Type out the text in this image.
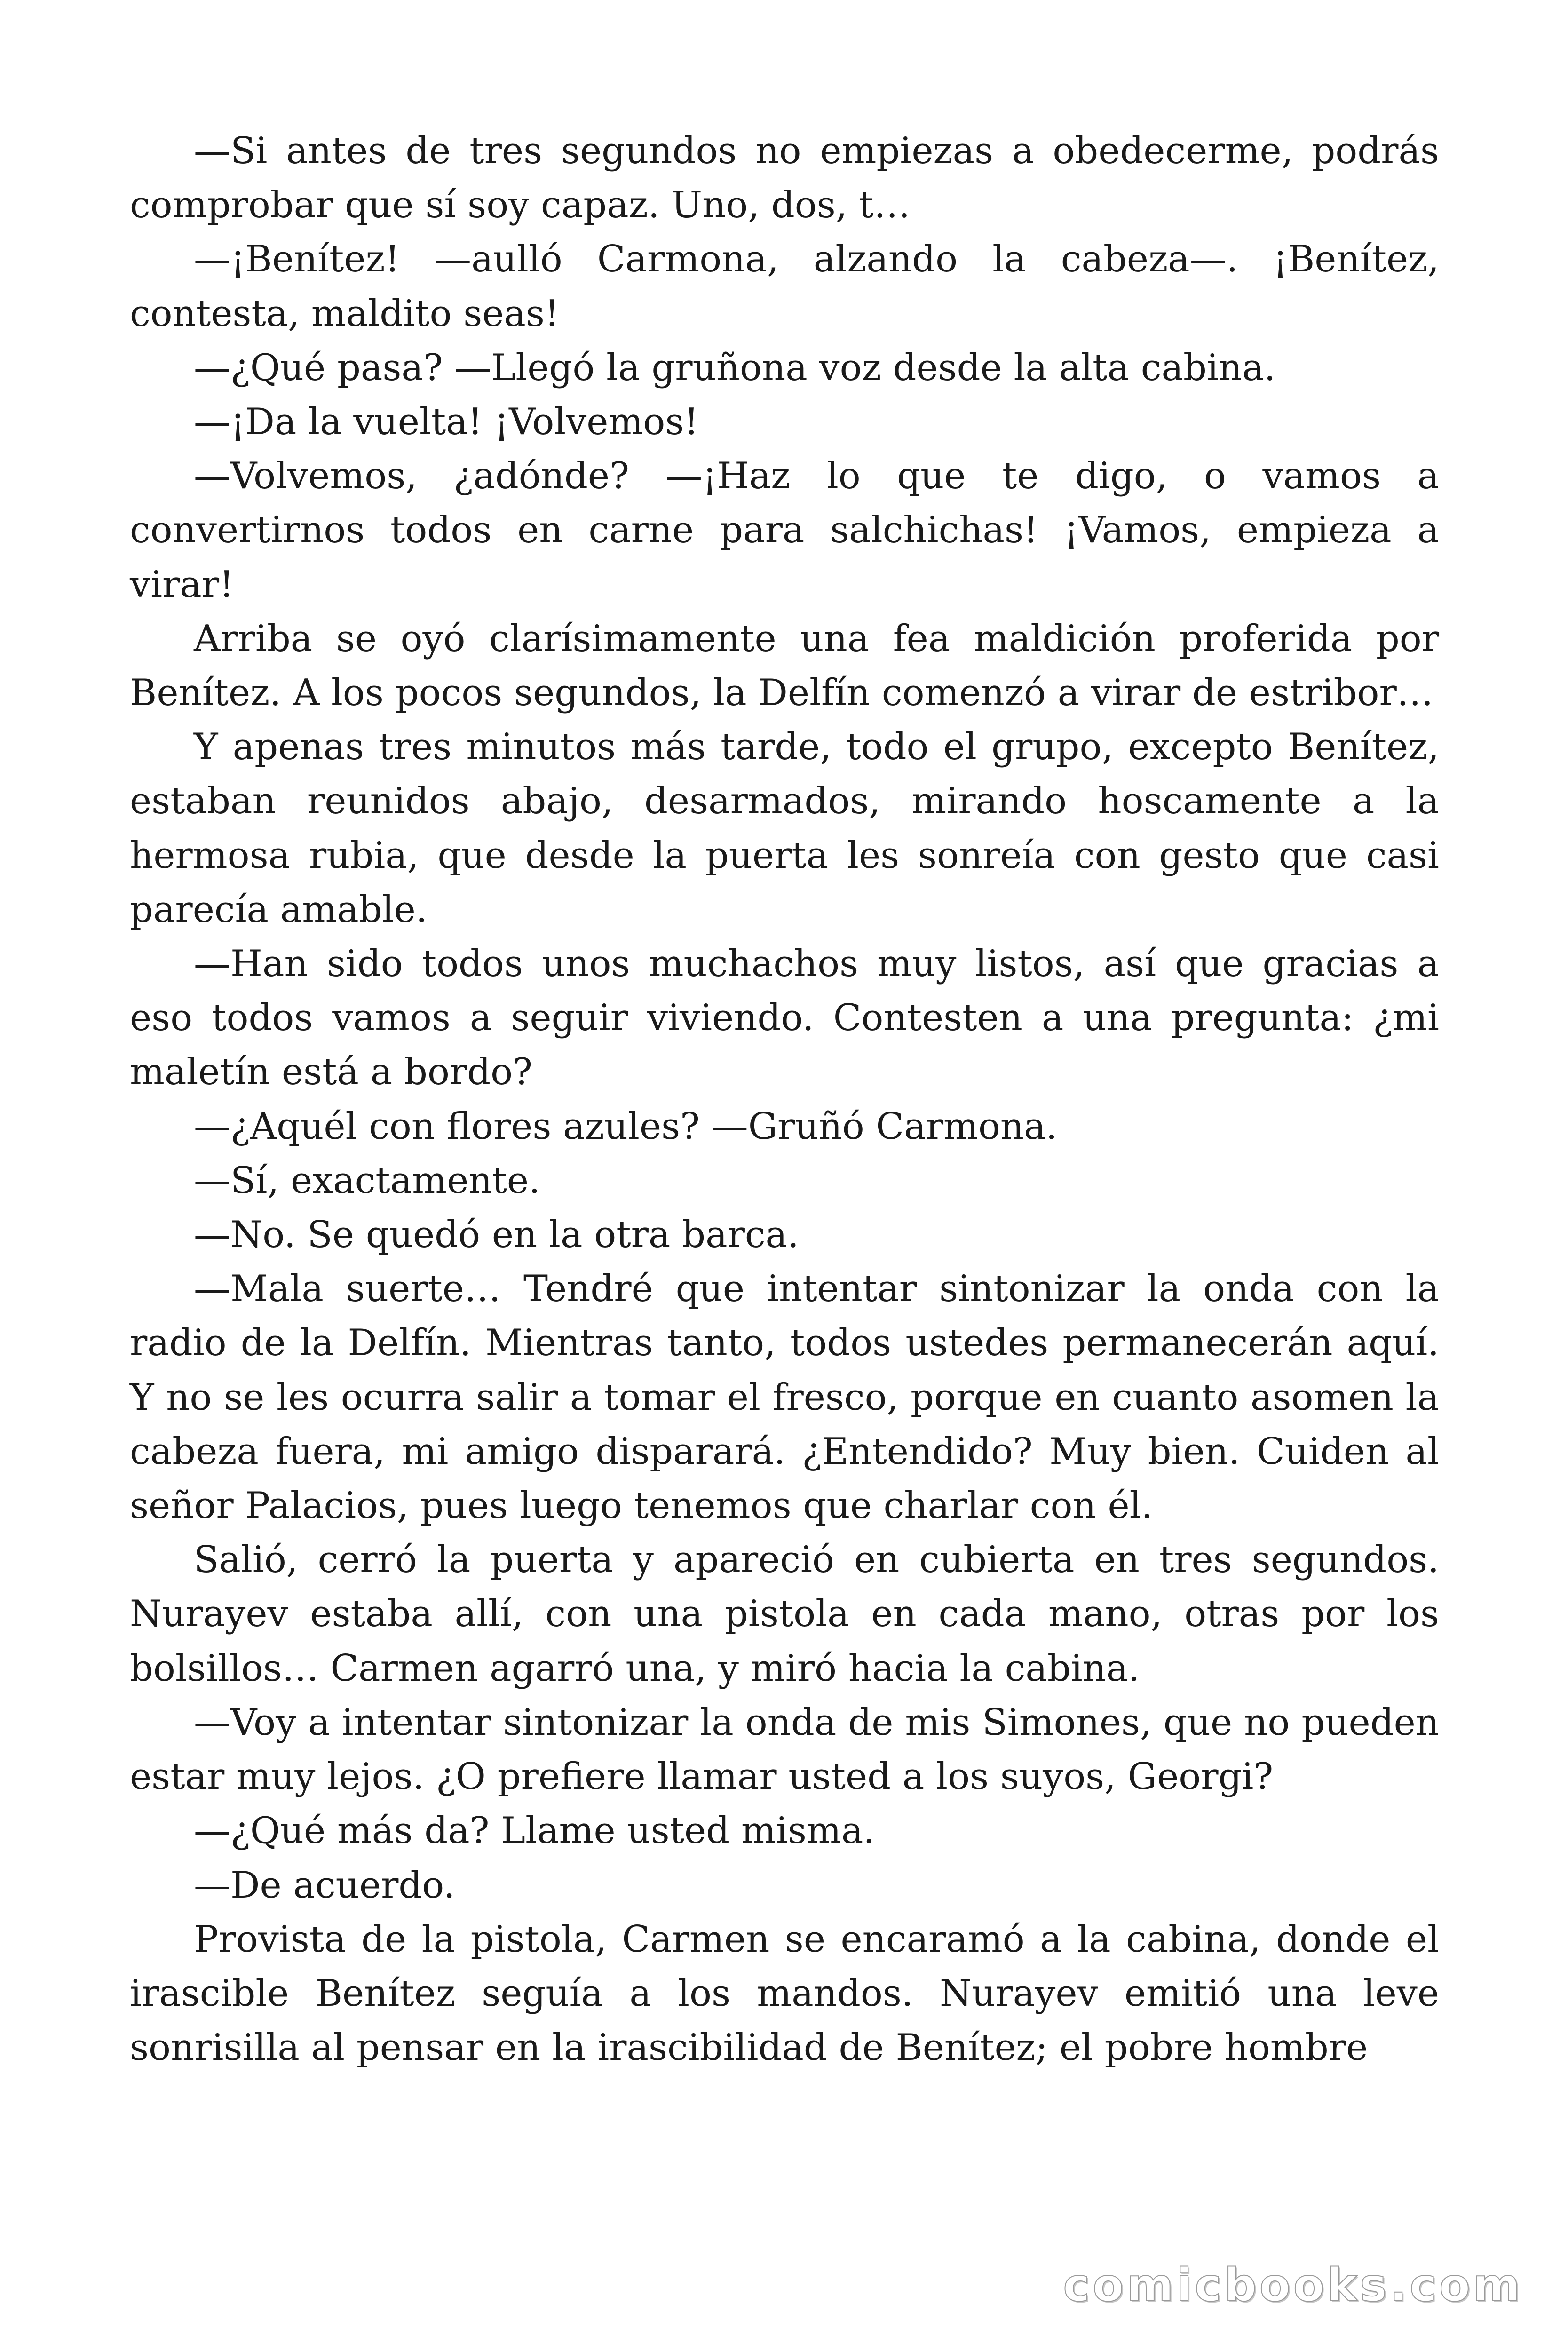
—Si antes de tres segundos no empiezas a obedecerme, podrás comprobar que sí soy capaz. Uno, dos, t…

—¡Benítez! —aulló Carmona, alzando la cabeza—. ¡Benítez, contesta, maldito seas!

—¿Qué pasa? —Llegó la gruñona voz desde la alta cabina.

—¡Da la vuelta! ¡Volvemos!

—Volvemos, ¿adónde? —¡Haz lo que te digo, o vamos a convertirnos todos en carne para salchichas! ¡Vamos, empieza a virar!

Arriba se oyó clarísimamente una fea maldición proferida por Benítez. A los pocos segundos, la Delfín comenzó a virar de estribor…

Y apenas tres minutos más tarde, todo el grupo, excepto Benítez, estaban reunidos abajo, desarmados, mirando hoscamente a la hermosa rubia, que desde la puerta les sonreía con gesto que casi parecía amable.

—Han sido todos unos muchachos muy listos, así que gracias a eso todos vamos a seguir viviendo. Contesten a una pregunta: ¿mi maletín está a bordo?

—¿Aquél con flores azules? —Gruñó Carmona.

—Sí, exactamente.

—No. Se quedó en la otra barca.

—Mala suerte… Tendré que intentar sintonizar la onda con la radio de la Delfín. Mientras tanto, todos ustedes permanecerán aquí. Y no se les ocurra salir a tomar el fresco, porque en cuanto asomen la cabeza fuera, mi amigo disparará. ¿Entendido? Muy bien. Cuiden al señor Palacios, pues luego tenemos que charlar con él.

Salió, cerró la puerta y apareció en cubierta en tres segundos. Nurayev estaba allí, con una pistola en cada mano, otras por los bolsillos… Carmen agarró una, y miró hacia la cabina.

—Voy a intentar sintonizar la onda de mis Simones, que no pueden estar muy lejos. ¿O prefiere llamar usted a los suyos, Georgi?

—¿Qué más da? Llame usted misma.

—De acuerdo.

Provista de la pistola, Carmen se encaramó a la cabina, donde el irascible Benítez seguía a los mandos. Nurayev emitió una leve sonrisilla al pensar en la irascibilidad de Benítez; el pobre hombre

comicbooks.com
